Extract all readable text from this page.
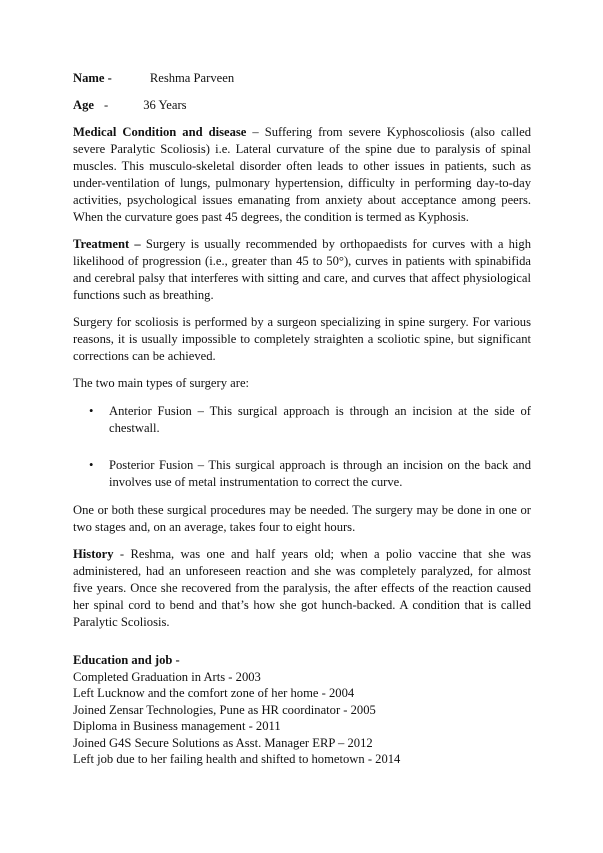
Name -	Reshma Parveen
Age -	36 Years

Medical Condition and disease – Suffering from severe Kyphoscoliosis (also called severe Paralytic Scoliosis) i.e. Lateral curvature of the spine due to paralysis of spinal muscles. This musculo-skeletal disorder often leads to other issues in patients, such as under-ventilation of lungs, pulmonary hypertension, difficulty in performing day-to-day activities, psychological issues emanating from anxiety about acceptance among peers. When the curvature goes past 45 degrees, the condition is termed as Kyphosis.

Treatment – Surgery is usually recommended by orthopaedists for curves with a high likelihood of progression (i.e., greater than 45 to 50°), curves in patients with spinabifida and cerebral palsy that interferes with sitting and care, and curves that affect physiological functions such as breathing.

Surgery for scoliosis is performed by a surgeon specializing in spine surgery. For various reasons, it is usually impossible to completely straighten a scoliotic spine, but significant corrections can be achieved.

The two main types of surgery are:

• Anterior Fusion – This surgical approach is through an incision at the side of chestwall.
• Posterior Fusion – This surgical approach is through an incision on the back and involves use of metal instrumentation to correct the curve.

One or both these surgical procedures may be needed. The surgery may be done in one or two stages and, on an average, takes four to eight hours.

History - Reshma, was one and half years old; when a polio vaccine that she was administered, had an unforeseen reaction and she was completely paralyzed, for almost five years. Once she recovered from the paralysis, the after effects of the reaction caused her spinal cord to bend and that’s how she got hunch-backed. A condition that is called Paralytic Scoliosis.

Education and job -
Completed Graduation in Arts - 2003
Left Lucknow and the comfort zone of her home - 2004
Joined Zensar Technologies, Pune as HR coordinator - 2005
Diploma in Business management - 2011
Joined G4S Secure Solutions as Asst. Manager ERP – 2012
Left job due to her failing health and shifted to hometown - 2014
